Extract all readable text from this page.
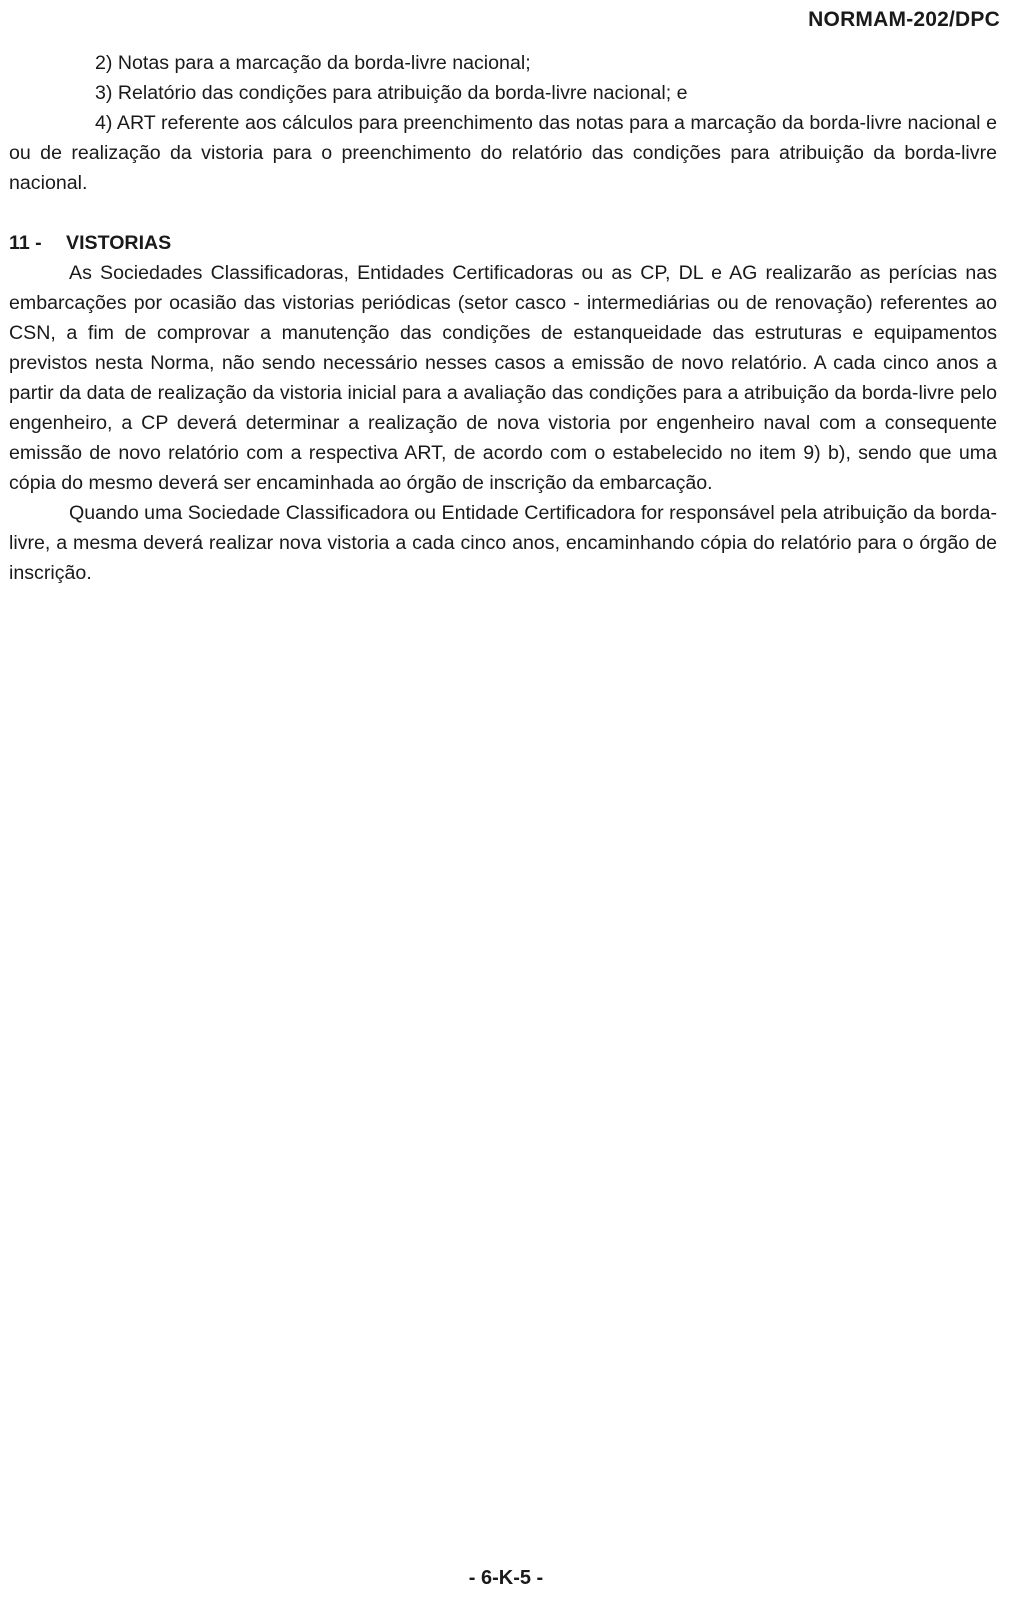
NORMAM-202/DPC

2) Notas para a marcação da borda-livre nacional;

3) Relatório das condições para atribuição da borda-livre nacional; e

4) ART referente aos cálculos para preenchimento das notas para a marcação da borda-livre nacional e ou de realização da vistoria para o preenchimento do relatório das condições para atribuição da borda-livre nacional.

11 - VISTORIAS

As Sociedades Classificadoras, Entidades Certificadoras ou as CP, DL e AG realizarão as perícias nas embarcações por ocasião das vistorias periódicas (setor casco - intermediárias ou de renovação) referentes ao CSN, a fim de comprovar a manutenção das condições de estanqueidade das estruturas e equipamentos previstos nesta Norma, não sendo necessário nesses casos a emissão de novo relatório. A cada cinco anos a partir da data de realização da vistoria inicial para a avaliação das condições para a atribuição da borda-livre pelo engenheiro, a CP deverá determinar a realização de nova vistoria por engenheiro naval com a consequente emissão de novo relatório com a respectiva ART, de acordo com o estabelecido no item 9) b), sendo que uma cópia do mesmo deverá ser encaminhada ao órgão de inscrição da embarcação.

Quando uma Sociedade Classificadora ou Entidade Certificadora for responsável pela atribuição da borda-livre, a mesma deverá realizar nova vistoria a cada cinco anos, encaminhando cópia do relatório para o órgão de inscrição.

- 6-K-5 -
